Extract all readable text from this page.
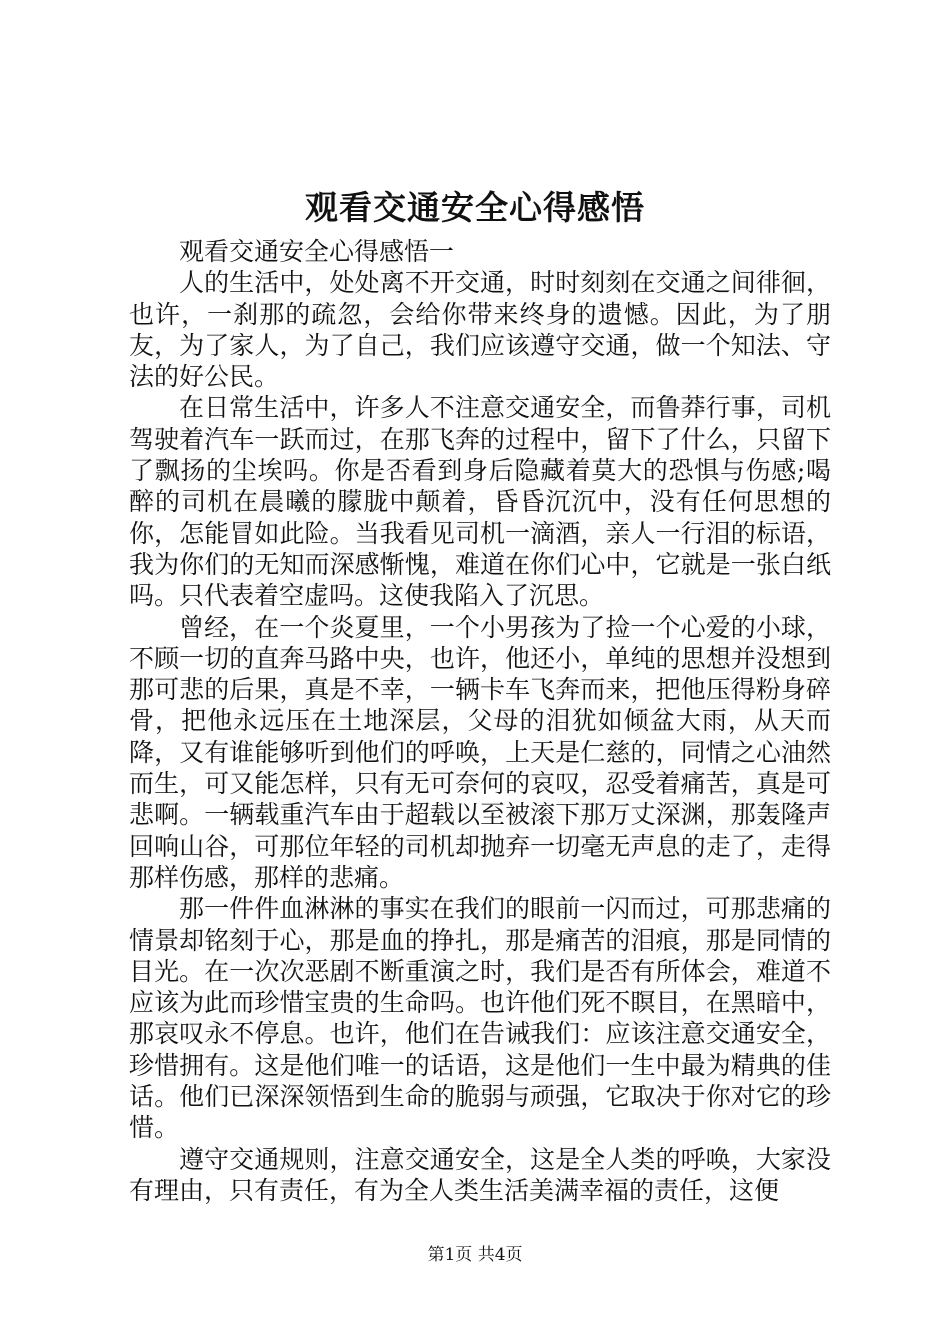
观看交通安全心得感悟

观看交通安全心得感悟一

人的生活中，处处离不开交通，时时刻刻在交通之间徘徊，也许，一刹那的疏忽，会给你带来终身的遗憾。因此，为了朋友，为了家人，为了自己，我们应该遵守交通，做一个知法、守法的好公民。

在日常生活中，许多人不注意交通安全，而鲁莽行事，司机驾驶着汽车一跃而过，在那飞奔的过程中，留下了什么，只留下了飘扬的尘埃吗。你是否看到身后隐藏着莫大的恐惧与伤感;喝醉的司机在晨曦的朦胧中颠着，昏昏沉沉中，没有任何思想的你，怎能冒如此险。当我看见司机一滴酒，亲人一行泪的标语，我为你们的无知而深感惭愧，难道在你们心中，它就是一张白纸吗。只代表着空虚吗。这使我陷入了沉思。

曾经，在一个炎夏里，一个小男孩为了捡一个心爱的小球，不顾一切的直奔马路中央，也许，他还小，单纯的思想并没想到那可悲的后果，真是不幸，一辆卡车飞奔而来，把他压得粉身碎骨，把他永远压在土地深层，父母的泪犹如倾盆大雨，从天而降，又有谁能够听到他们的呼唤，上天是仁慈的，同情之心油然而生，可又能怎样，只有无可奈何的哀叹，忍受着痛苦，真是可悲啊。一辆载重汽车由于超载以至被滚下那万丈深渊，那轰隆声回响山谷，可那位年轻的司机却抛弃一切毫无声息的走了，走得那样伤感，那样的悲痛。

那一件件血淋淋的事实在我们的眼前一闪而过，可那悲痛的情景却铭刻于心，那是血的挣扎，那是痛苦的泪痕，那是同情的目光。在一次次恶剧不断重演之时，我们是否有所体会，难道不应该为此而珍惜宝贵的生命吗。也许他们死不瞑目，在黑暗中，那哀叹永不停息。也许，他们在告诫我们：应该注意交通安全，珍惜拥有。这是他们唯一的话语，这是他们一生中最为精典的佳话。他们已深深领悟到生命的脆弱与顽强，它取决于你对它的珍惜。

遵守交通规则，注意交通安全，这是全人类的呼唤，大家没有理由，只有责任，有为全人类生活美满幸福的责任，这便

第1页 共4页
